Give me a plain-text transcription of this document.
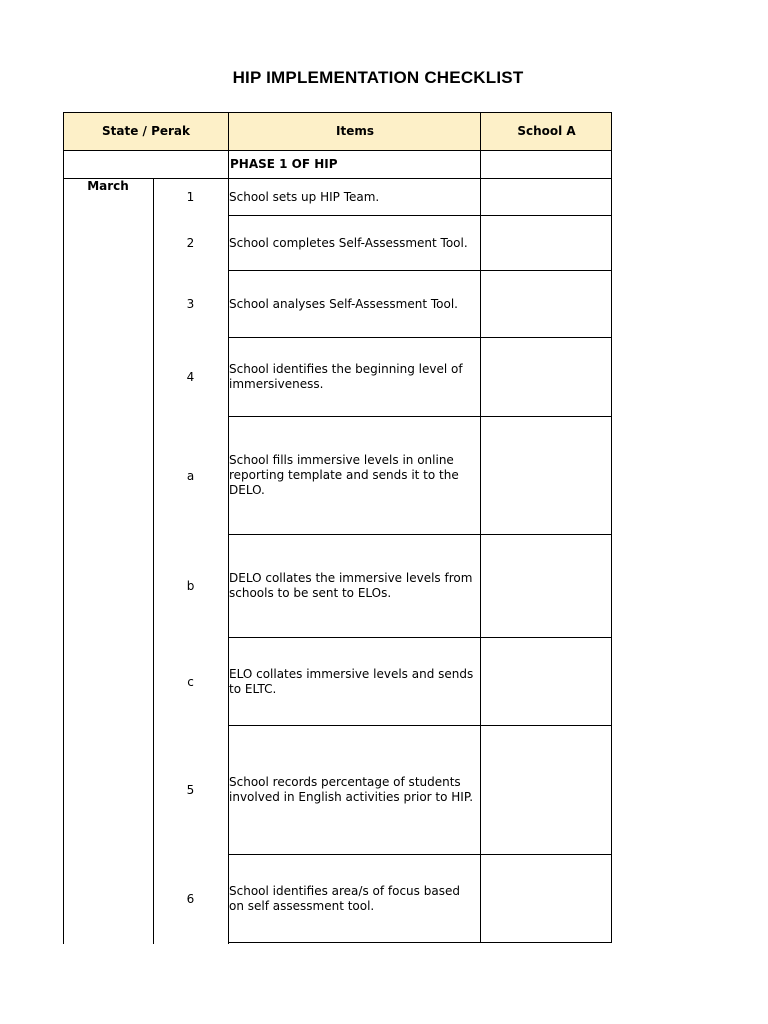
HIP IMPLEMENTATION CHECKLIST
State / Perak	Items	School A
PHASE 1 OF HIP
March
1
2
3
4
a
b
c
5
6
School sets up HIP Team.
School completes Self-Assessment Tool.
School analyses Self-Assessment Tool.
School identifies the beginning level of immersiveness.
School fills immersive levels in online reporting template and sends it to the DELO.
DELO collates the immersive levels from schools to be sent to ELOs.
ELO collates immersive levels and sends to ELTC.
School records percentage of students involved in English activities prior to HIP.
School identifies area/s of focus based on self assessment tool.
